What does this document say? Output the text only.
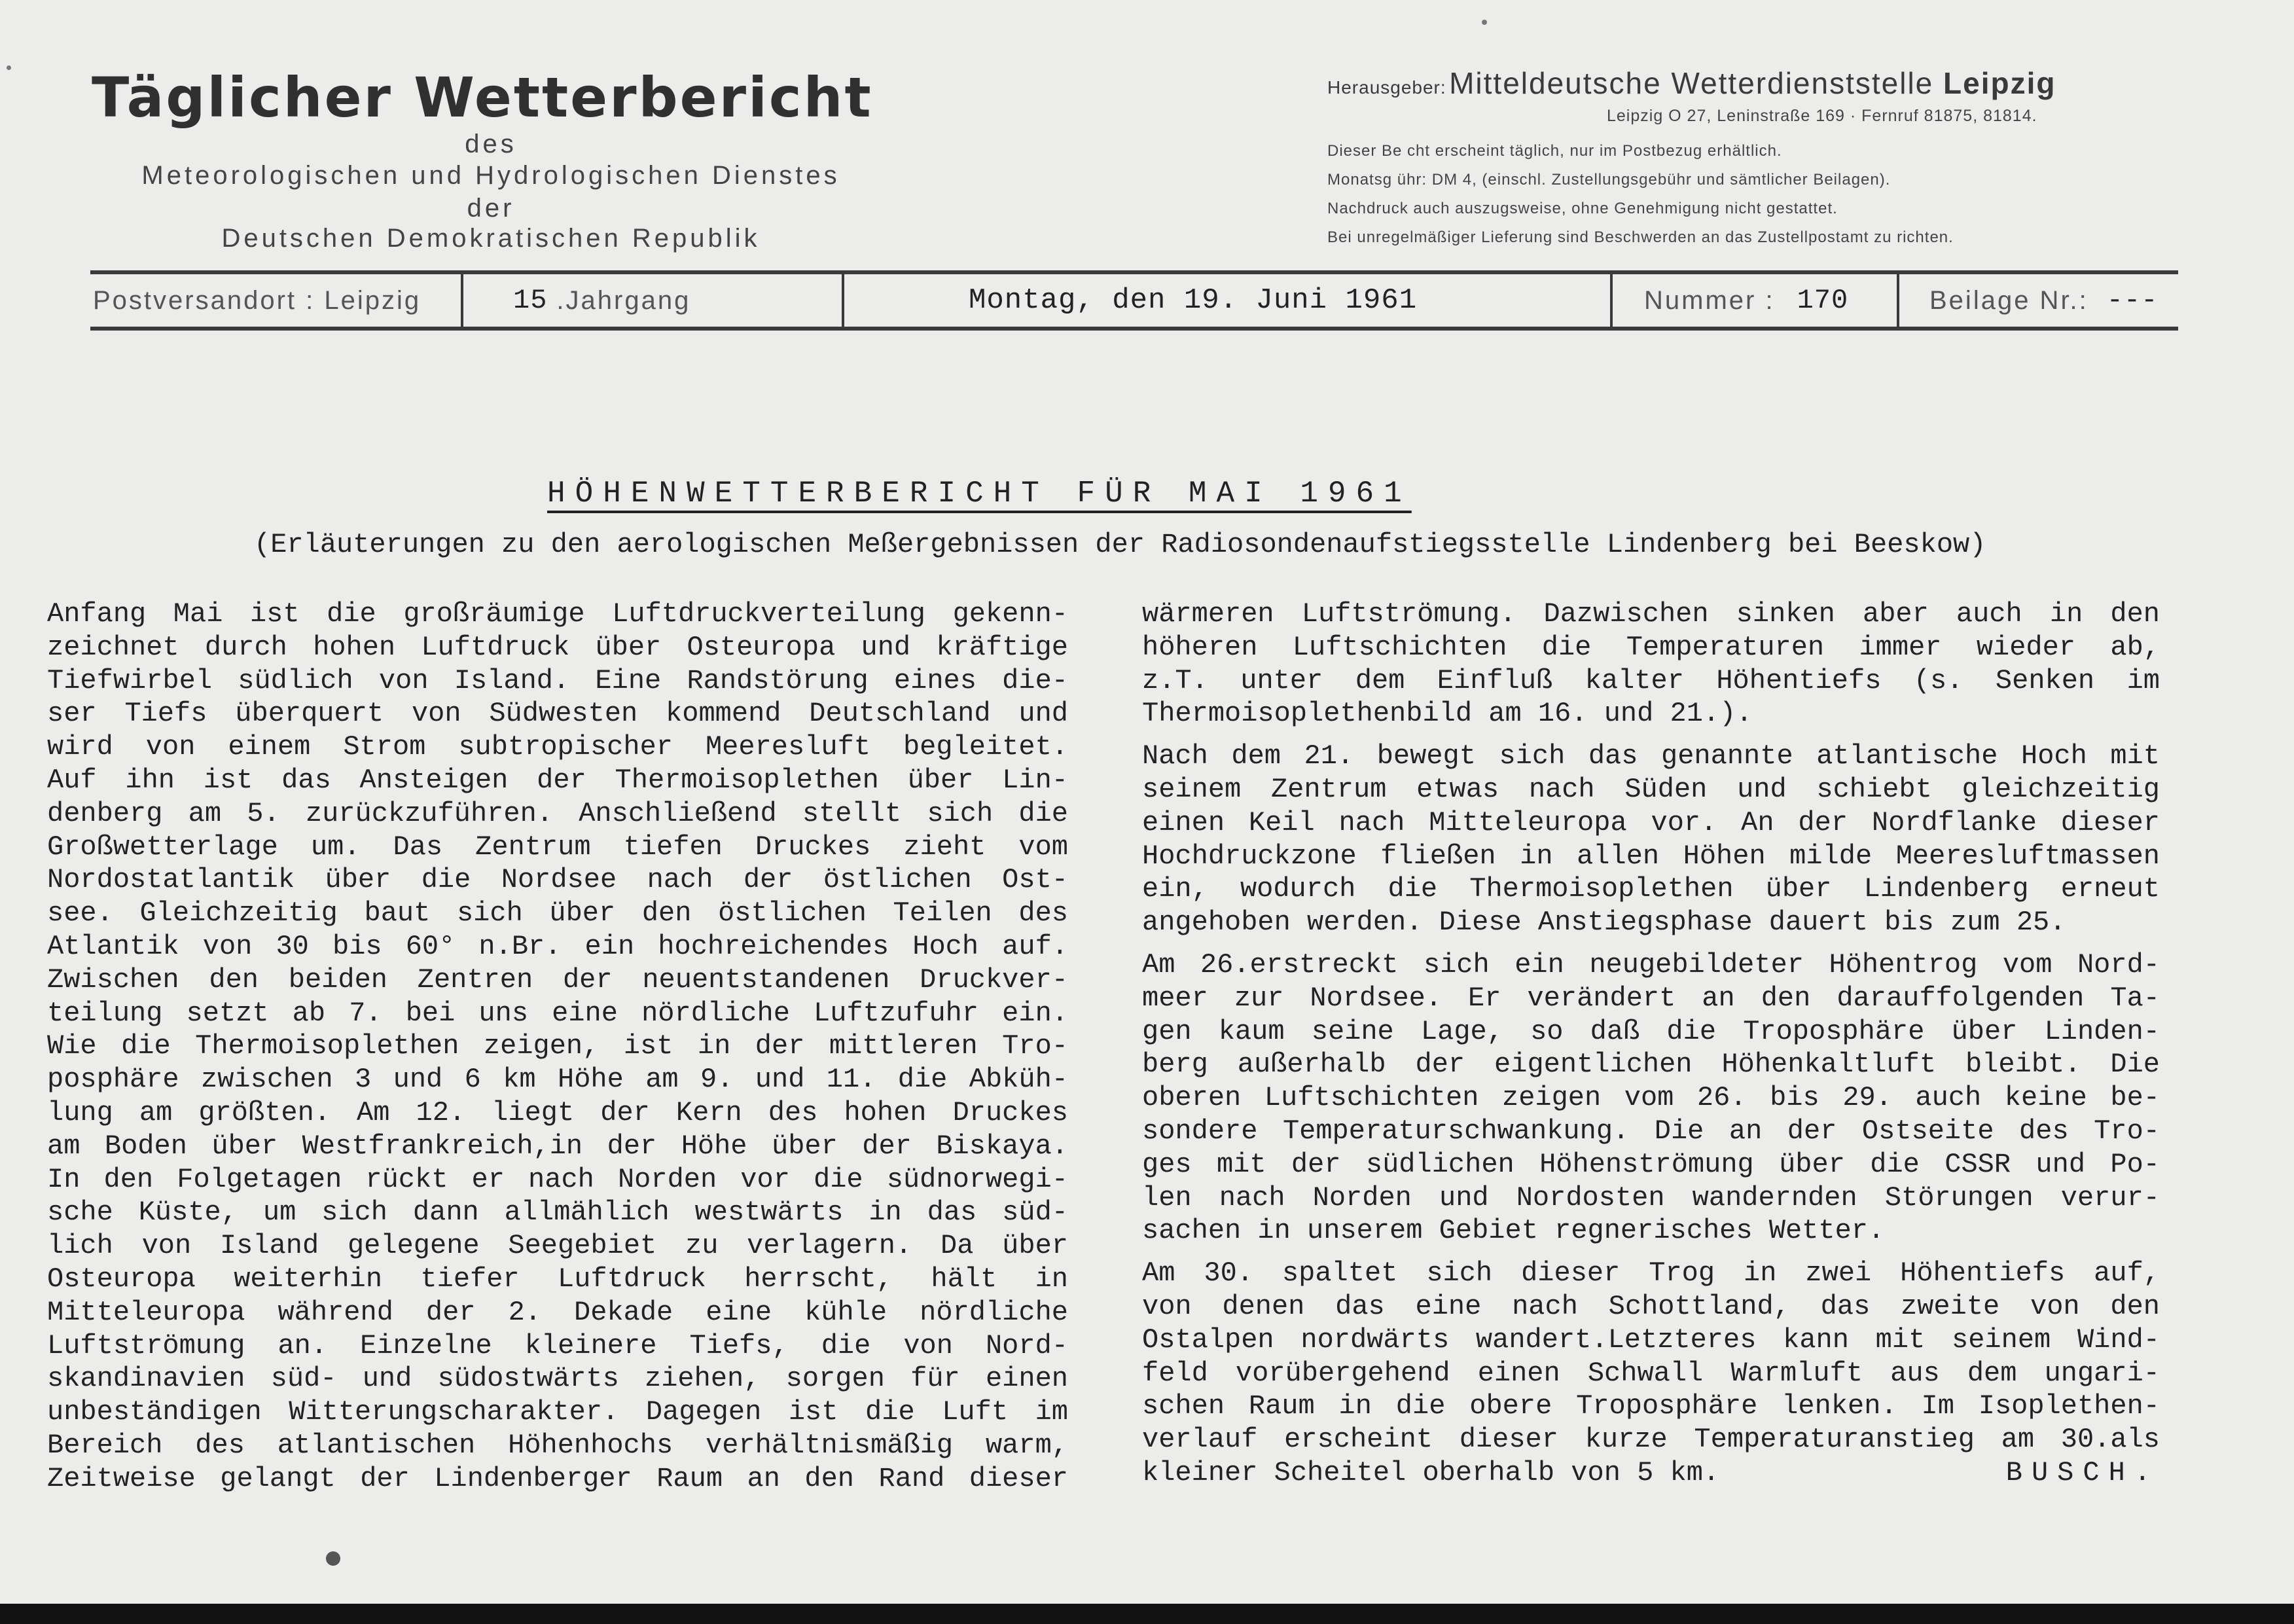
Täglicher Wetterbericht
des
Meteorologischen und Hydrologischen Dienstes
der
Deutschen Demokratischen Republik
Herausgeber: Mitteldeutsche Wetterdienststelle Leipzig
Leipzig O 27, Leninstraße 169 · Fernruf 81875, 81814.
Dieser Be cht erscheint täglich, nur im Postbezug erhältlich.
Monatsg ühr: DM 4, (einschl. Zustellungsgebühr und sämtlicher Beilagen).
Nachdruck auch auszugsweise, ohne Genehmigung nicht gestattet.
Bei unregelmäßiger Lieferung sind Beschwerden an das Zustellpostamt zu richten.
Postversandort : Leipzig	15 .Jahrgang	Montag, den 19. Juni 1961	Nummer : 170	Beilage Nr.: ---
HÖHENWETTERBERICHT FÜR MAI 1961
(Erläuterungen zu den aerologischen Meßergebnissen der Radiosondenaufstiegsstelle Lindenberg bei Beeskow)
Anfang Mai ist die großräumige Luftdruckverteilung gekenn-
zeichnet durch hohen Luftdruck über Osteuropa und kräftige
Tiefwirbel südlich von Island. Eine Randstörung eines die-
ser Tiefs überquert von Südwesten kommend Deutschland und
wird von einem Strom subtropischer Meeresluft begleitet.
Auf ihn ist das Ansteigen der Thermoisoplethen über Lin-
denberg am 5. zurückzuführen. Anschließend stellt sich die
Großwetterlage um. Das Zentrum tiefen Druckes zieht vom
Nordostatlantik über die Nordsee nach der östlichen Ost-
see. Gleichzeitig baut sich über den östlichen Teilen des
Atlantik von 30 bis 60° n.Br. ein hochreichendes Hoch auf.
Zwischen den beiden Zentren der neuentstandenen Druckver-
teilung setzt ab 7. bei uns eine nördliche Luftzufuhr ein.
Wie die Thermoisoplethen zeigen, ist in der mittleren Tro-
posphäre zwischen 3 und 6 km Höhe am 9. und 11. die Abküh-
lung am größten. Am 12. liegt der Kern des hohen Druckes
am Boden über Westfrankreich,in der Höhe über der Biskaya.
In den Folgetagen rückt er nach Norden vor die südnorwegi-
sche Küste, um sich dann allmählich westwärts in das süd-
lich von Island gelegene Seegebiet zu verlagern. Da über
Osteuropa weiterhin tiefer Luftdruck herrscht, hält in
Mitteleuropa während der 2. Dekade eine kühle nördliche
Luftströmung an. Einzelne kleinere Tiefs, die von Nord-
skandinavien süd- und südostwärts ziehen, sorgen für einen
unbeständigen Witterungscharakter. Dagegen ist die Luft im
Bereich des atlantischen Höhenhochs verhältnismäßig warm,
Zeitweise gelangt der Lindenberger Raum an den Rand dieser
wärmeren Luftströmung. Dazwischen sinken aber auch in den
höheren Luftschichten die Temperaturen immer wieder ab,
z.T. unter dem Einfluß kalter Höhentiefs (s. Senken im
Thermoisoplethenbild am 16. und 21.).
Nach dem 21. bewegt sich das genannte atlantische Hoch mit
seinem Zentrum etwas nach Süden und schiebt gleichzeitig
einen Keil nach Mitteleuropa vor. An der Nordflanke dieser
Hochdruckzone fließen in allen Höhen milde Meeresluftmassen
ein, wodurch die Thermoisoplethen über Lindenberg erneut
angehoben werden. Diese Anstiegsphase dauert bis zum 25.
Am 26.erstreckt sich ein neugebildeter Höhentrog vom Nord-
meer zur Nordsee. Er verändert an den darauffolgenden Ta-
gen kaum seine Lage, so daß die Troposphäre über Linden-
berg außerhalb der eigentlichen Höhenkaltluft bleibt. Die
oberen Luftschichten zeigen vom 26. bis 29. auch keine be-
sondere Temperaturschwankung. Die an der Ostseite des Tro-
ges mit der südlichen Höhenströmung über die CSSR und Po-
len nach Norden und Nordosten wandernden Störungen verur-
sachen in unserem Gebiet regnerisches Wetter.
Am 30. spaltet sich dieser Trog in zwei Höhentiefs auf,
von denen das eine nach Schottland, das zweite von den
Ostalpen nordwärts wandert.Letzteres kann mit seinem Wind-
feld vorübergehend einen Schwall Warmluft aus dem ungari-
schen Raum in die obere Troposphäre lenken. Im Isoplethen-
verlauf erscheint dieser kurze Temperaturanstieg am 30.als
kleiner Scheitel oberhalb von 5 km.	BUSCH.
